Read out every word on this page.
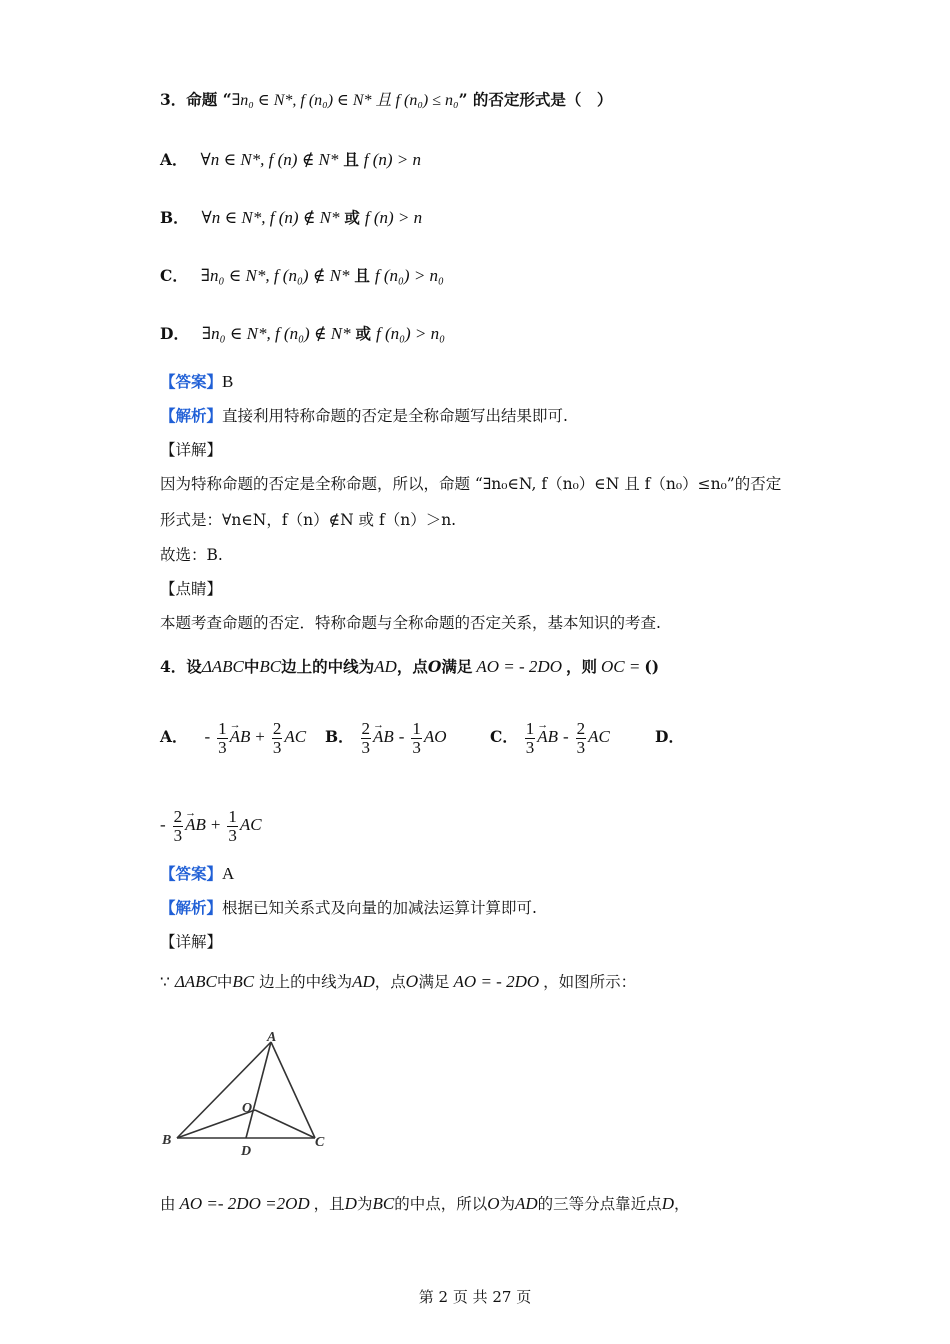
3．命题 “∃n₀ ∈ N*, f (n₀) ∈ N* 且 f (n₀) ≤ n₀” 的否定形式是（　）
A． ∀n ∈ N*, f (n) ∉ N* 且 f (n) > n
B． ∀n ∈ N*, f (n) ∉ N* 或 f (n) > n
C． ∃n₀ ∈ N*, f (n₀) ∉ N* 且 f (n₀) > n₀
D． ∃n₀ ∈ N*, f (n₀) ∉ N* 或 f (n₀) > n₀
【答案】B
【解析】直接利用特称命题的否定是全称命题写出结果即可.
【详解】
因为特称命题的否定是全称命题，所以，命题 “∃n₀∈N, f（n₀）∈N 且 f（n₀）≤n₀”的否定
形式是：∀n∈N，f（n）∉N 或 f（n）＞n.
故选：B.
【点睛】
本题考查命题的否定．特称命题与全称命题的否定关系，基本知识的考查.
4．设ΔABC中BC边上的中线为AD，点O满足 AO = - 2DO ，则 OC = ()
A． - $\frac{1}{3}$ → AB + $\frac{2}{3}$ AC B． $\frac{2}{3}$ → AB - $\frac{1}{3}$ AO	C． $\frac{1}{3}$ → AB - $\frac{2}{3}$ AC	D．
- $\frac{2}{3}$ → AB + $\frac{1}{3}$ AC
【答案】A
【解析】根据已知关系式及向量的加减法运算计算即可.
【详解】
∵ ΔABC中BC 边上的中线为AD，点O满足 AO = - 2DO ，如图所示：
A
B	C
D
O
由 AO =- 2DO =2OD ，且D为BC的中点，所以O为AD的三等分点靠近点D，
第 2 页 共 27 页
